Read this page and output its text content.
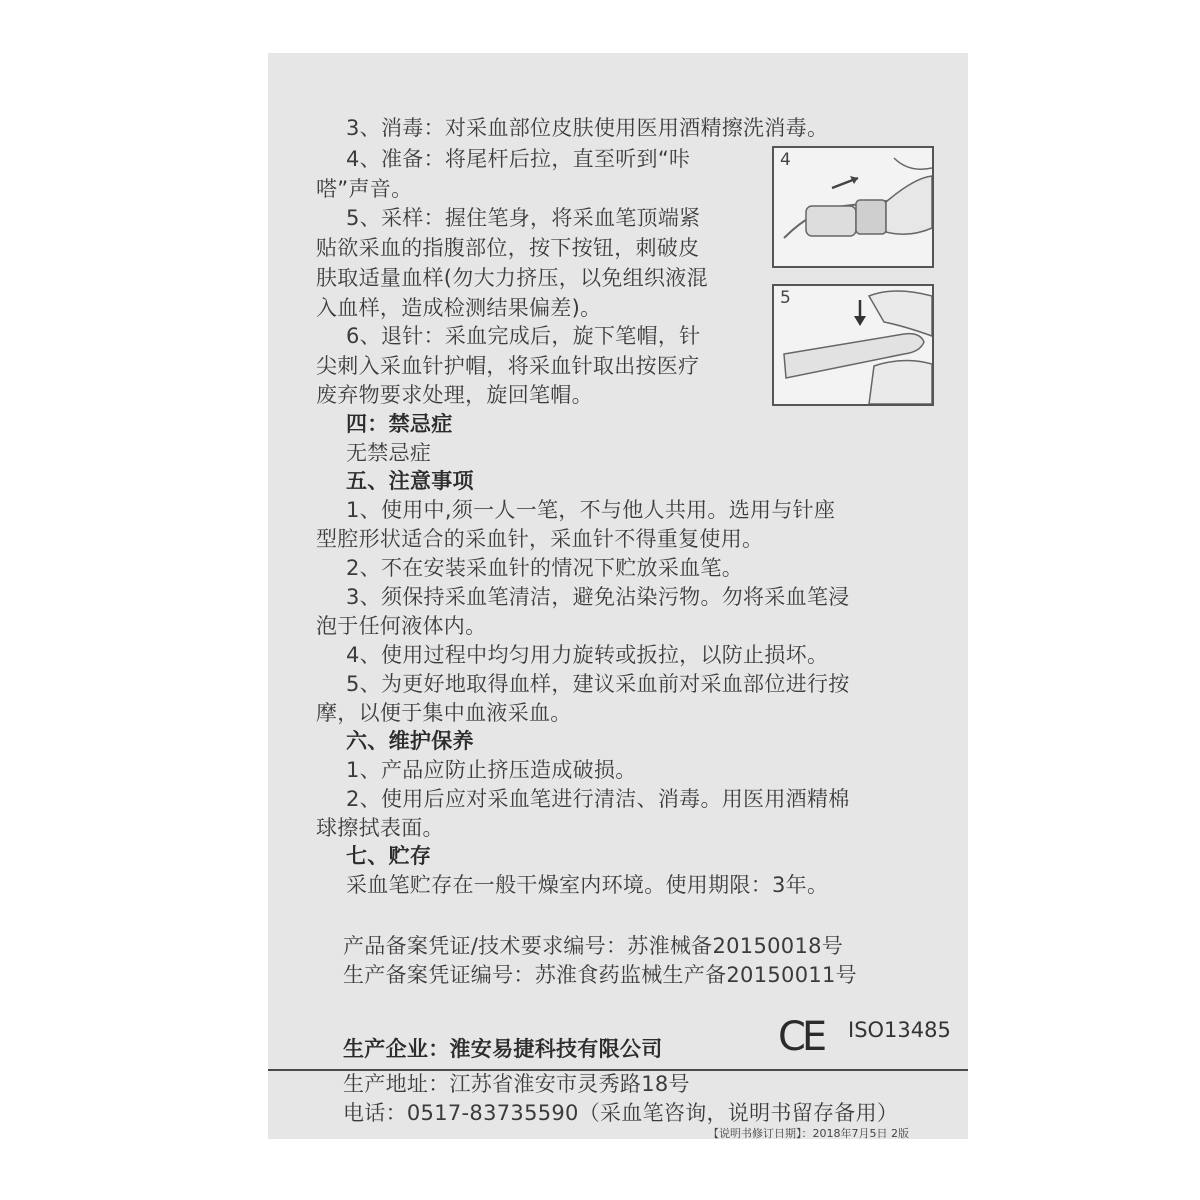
3、消毒：对采血部位皮肤使用医用酒精擦洗消毒。
4、准备：将尾杆后拉，直至听到“咔
嗒”声音。
5、采样：握住笔身，将采血笔顶端紧
贴欲采血的指腹部位，按下按钮，刺破皮
肤取适量血样(勿大力挤压，以免组织液混
入血样，造成检测结果偏差)。
6、退针：采血完成后，旋下笔帽，针
尖刺入采血针护帽，将采血针取出按医疗
废弃物要求处理，旋回笔帽。
四：禁忌症
无禁忌症
五、注意事项
1、使用中,须一人一笔，不与他人共用。选用与针座
型腔形状适合的采血针，采血针不得重复使用。
2、不在安装采血针的情况下贮放采血笔。
3、须保持采血笔清洁，避免沾染污物。勿将采血笔浸
泡于任何液体内。
4、使用过程中均匀用力旋转或扳拉，以防止损坏。
5、为更好地取得血样，建议采血前对采血部位进行按
摩，以便于集中血液采血。
六、维护保养
1、产品应防止挤压造成破损。
2、使用后应对采血笔进行清洁、消毒。用医用酒精棉
球擦拭表面。
七、贮存
采血笔贮存在一般干燥室内环境。使用期限：3年。
产品备案凭证/技术要求编号：苏淮械备20150018号
生产备案凭证编号：苏淮食药监械生产备20150011号
生产企业：淮安易捷科技有限公司	CE ISO13485
生产地址：江苏省淮安市灵秀路18号
电话：0517-83735590（采血笔咨询，说明书留存备用）
【说明书修订日期】：2018年7月5日 2版
4
5
